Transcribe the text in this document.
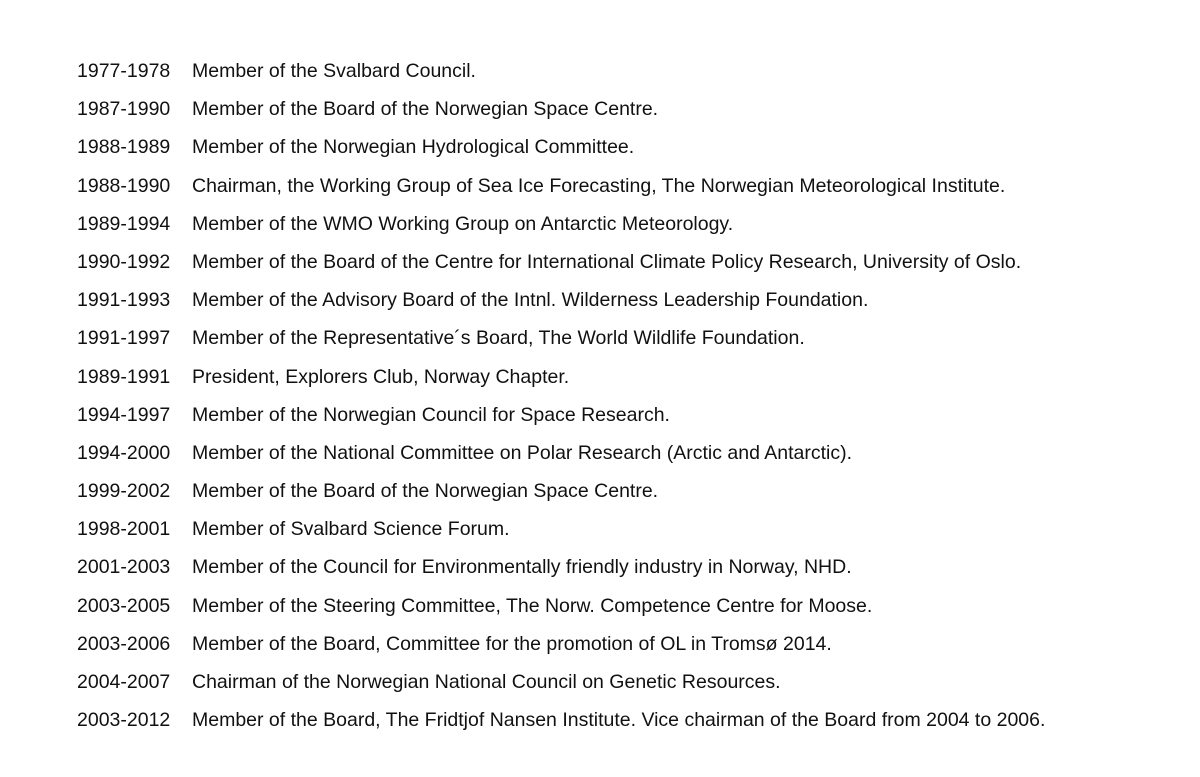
1977-1978	Member of the Svalbard Council.
1987-1990	Member of the Board of the Norwegian Space Centre.
1988-1989	Member of the Norwegian Hydrological Committee.
1988-1990	Chairman, the Working Group of Sea Ice Forecasting, The Norwegian Meteorological Institute.
1989-1994	Member of the WMO Working Group on Antarctic Meteorology.
1990-1992	Member of the Board of the Centre for International Climate Policy Research, University of Oslo.
1991-1993	Member of the Advisory Board of the Intnl. Wilderness Leadership Foundation.
1991-1997	Member of the Representative´s Board, The World Wildlife Foundation.
1989-1991	President, Explorers Club, Norway Chapter.
1994-1997	Member of the Norwegian Council for Space Research.
1994-2000	Member of the National Committee on Polar Research (Arctic and Antarctic).
1999-2002	Member of the Board of the Norwegian Space Centre.
1998-2001	Member of Svalbard Science Forum.
2001-2003	Member of the Council for Environmentally friendly industry in Norway, NHD.
2003-2005	Member of the Steering Committee, The Norw. Competence Centre for Moose.
2003-2006	Member of the Board, Committee for the promotion of OL in Tromsø 2014.
2004-2007	Chairman of the Norwegian National Council on Genetic Resources.
2003-2012	Member of the Board, The Fridtjof Nansen Institute. Vice chairman of the Board from 2004 to 2006.
